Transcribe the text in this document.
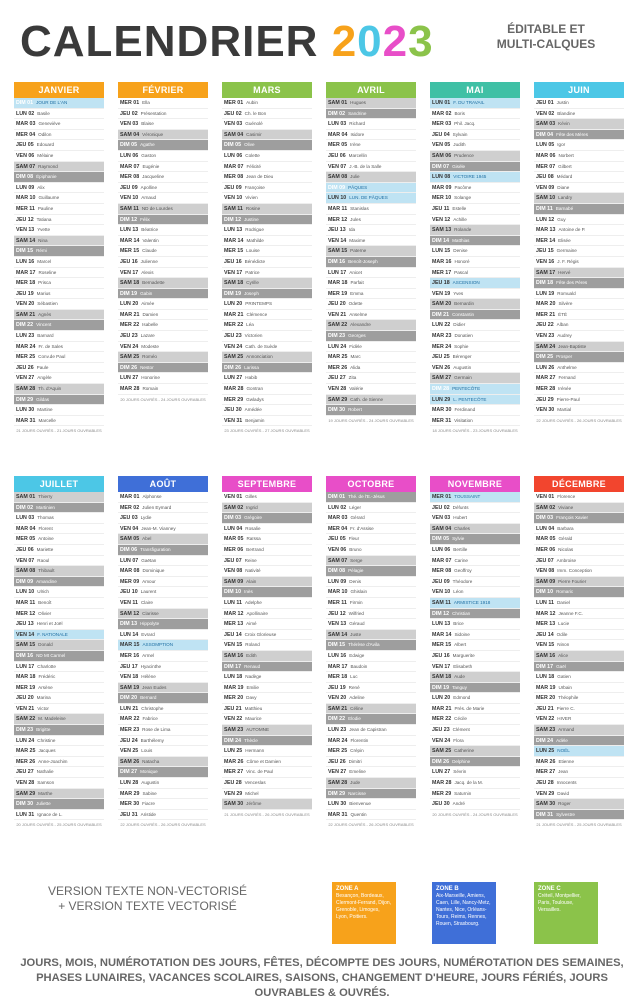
CALENDRIER 2023	ÉDITABLE ET
MULTI-CALQUES
JANVIER
DIM 01 JOUR DE L'AN
LUN 02 Basile
MAR 03 Geneviève
MER 04 Odilon
JEU 05 Edouard
VEN 06 Mélaine
SAM 07 Raymond
DIM 08 Épiphanie
LUN 09 Alix
MAR 10 Guillaume
MER 11 Pauline
JEU 12 Tatiana
VEN 13 Yvette
SAM 14 Nina
DIM 15 Rémi
LUN 16 Marcel
MAR 17 Roseline
MER 18 Prisca
JEU 19 Marius
VEN 20 Sébastien
SAM 21 Agnès
DIM 22 Vincent
LUN 23 Barnard
MAR 24 Fr. de Sales
MER 25 Conv.de Paul
JEU 26 Paule
VEN 27 Angèle
SAM 28 Th. d'Aquin
DIM 29 Gildas
LUN 30 Martine
MAR 31 Marcelle
21 JOURS OUVRÉS - 21 JOURS OUVRABLES
FÉVRIER
MER 01 Ella
JEU 02 Présentation
VEN 03 Blaise
SAM 04 Véronique
DIM 05 Agathe
LUN 06 Gaston
MAR 07 Eugénie
MER 08 Jacqueline
JEU 09 Apolline
VEN 10 Arnaud
SAM 11 ND de Lourdes
DIM 12 Félix
LUN 13 Béatrice
MAR 14 Valentin
MER 15 Claude
JEU 16 Julienne
VEN 17 Alexis
SAM 18 Bernadette
DIM 19 Gabin
LUN 20 Aimée
MAR 21 Damien
MER 22 Isabelle
JEU 23 Lazare
VEN 24 Modeste
SAM 25 Roméo
DIM 26 Nestor
LUN 27 Honorine
MAR 28 Romain
20 JOURS OUVRÉS - 24 JOURS OUVRABLES
MARS
MER 01 Aubin
JEU 02 Ch. le Bon
VEN 03 Guénolé
SAM 04 Casimir
DIM 05 Olive
LUN 06 Colette
MAR 07 Félicité
MER 08 Jean de Dieu
JEU 09 Françoise
VEN 10 Vivien
SAM 11 Rosine
DIM 12 Justine
LUN 13 Rodrigue
MAR 14 Mathilde
MER 15 Louise
JEU 16 Bénédicte
VEN 17 Patrice
SAM 18 Cyrille
DIM 19 Joseph
LUN 20 PRINTEMPS
MAR 21 Clémence
MER 22 Léa
JEU 23 Victorien
VEN 24 Cath. de Suède
SAM 25 Annonciation
DIM 26 Larissa
LUN 27 Habib
MAR 28 Gontran
MER 29 Gwladys
JEU 30 Amédée
VEN 31 Benjamin
23 JOURS OUVRÉS - 27 JOURS OUVRABLES
AVRIL
SAM 01 Hugues
DIM 02 Sandrine
LUN 03 Richard
MAR 04 Isidore
MER 05 Irène
JEU 06 Marcellin
VEN 07 J.-B. de la Salle
SAM 08 Julie
DIM 09 PÂQUES
LUN 10 LUN. DE PÂQUES
MAR 11 Stanislas
MER 12 Jules
JEU 13 Ida
VEN 14 Maxime
SAM 15 Paterne
DIM 16 Benoît-Joseph
LUN 17 Anicet
MAR 18 Parfait
MER 19 Emma
JEU 20 Odette
VEN 21 Anselme
SAM 22 Alexandre
DIM 23 Georges
LUN 24 Fidèle
MAR 25 Marc
MER 26 Alida
JEU 27 Zita
VEN 28 Valérie
SAM 29 Cath. de Sienne
DIM 30 Robert
19 JOURS OUVRÉS - 24 JOURS OUVRABLES
MAI
LUN 01 F. DU TRAVAIL
MAR 02 Boris
MER 03 Phil. Jacq.
JEU 04 Sylvain
VEN 05 Judith
SAM 06 Prudence
DIM 07 Gisèle
LUN 08 VICTOIRE 1945
MAR 09 Pacôme
MER 10 Solange
JEU 11 Estelle
VEN 12 Achille
SAM 13 Rolande
DIM 14 Matthias
LUN 15 Denise
MAR 16 Honoré
MER 17 Pascal
JEU 18 ASCENSION
VEN 19 Yves
SAM 20 Bernardin
DIM 21 Constantin
LUN 22 Didier
MAR 23 Donatien
MER 24 Sophie
JEU 25 Bérenger
VEN 26 Augustin
SAM 27 Germain
DIM 28 PENTECÔTE
LUN 29 L. PENTECÔTE
MAR 30 Ferdinand
MER 31 Visitation
18 JOURS OUVRÉS - 23 JOURS OUVRABLES
JUIN
JEU 01 Justin
VEN 02 Blandine
SAM 03 Kévin
DIM 04 Fête des Mères
LUN 05 Igor
MAR 06 Norbert
MER 07 Gilbert
JEU 08 Médard
VEN 09 Diane
SAM 10 Landry
DIM 11 Barnabé
LUN 12 Guy
MAR 13 Antoine de P.
MER 14 Elisée
JEU 15 Germaine
VEN 16 J. F. Régis
SAM 17 Hervé
DIM 18 Fête des Pères
LUN 19 Romuald
MAR 20 Silvère
MER 21 ÉTÉ
JEU 22 Alban
VEN 23 Audrey
SAM 24 Jean-Baptiste
DIM 25 Prosper
LUN 26 Anthelme
MAR 27 Fernand
MER 28 Irénée
JEU 29 Pierre-Paul
VEN 30 Martial
22 JOURS OUVRÉS - 26 JOURS OUVRABLES
JUILLET
SAM 01 Thierry
DIM 02 Martinien
LUN 03 Thomas
MAR 04 Florent
MER 05 Antoine
JEU 06 Mariette
VEN 07 Raoul
SAM 08 Thibault
DIM 09 Amandine
LUN 10 Ulrich
MAR 11 Benoît
MER 12 Olivier
JEU 13 Henri et Joël
VEN 14 F. NATIONALE
SAM 15 Donald
DIM 16 ND Mt Carmel
LUN 17 Charlotte
MAR 18 Frédéric
MER 19 Arsène
JEU 20 Marina
VEN 21 Victor
SAM 22 M. Madeleine
DIM 23 Brigitte
LUN 24 Christine
MAR 25 Jacques
MER 26 Anne-Joachim
JEU 27 Nathalie
VEN 28 Samson
SAM 29 Marthe
DIM 30 Juliette
LUN 31 Ignace de L.
20 JOURS OUVRÉS - 25 JOURS OUVRABLES
AOÛT
MAR 01 Alphonse
MER 02 Julien Eymard
JEU 03 Lydie
VEN 04 Jean-M. Vianney
SAM 05 Abel
DIM 06 Transfiguration
LUN 07 Gaëtan
MAR 08 Dominique
MER 09 Amour
JEU 10 Laurent
VEN 11 Claire
SAM 12 Clarisse
DIM 13 Hippolyte
LUN 14 Evrard
MAR 15 ASSOMPTION
MER 16 Armel
JEU 17 Hyacinthe
VEN 18 Hélène
SAM 19 Jean Eudes
DIM 20 Bernard
LUN 21 Christophe
MAR 22 Fabrice
MER 23 Rose de Lima
JEU 24 Barthélemy
VEN 25 Louis
SAM 26 Natacha
DIM 27 Monique
LUN 28 Augustin
MAR 29 Sabine
MER 30 Fiacre
JEU 31 Aristide
22 JOURS OUVRÉS - 26 JOURS OUVRABLES
SEPTEMBRE
VEN 01 Gilles
SAM 02 Ingrid
DIM 03 Grégoire
LUN 04 Rosalie
MAR 05 Raïssa
MER 06 Bertrand
JEU 07 Reine
VEN 08 Nativité
SAM 09 Alain
DIM 10 Inès
LUN 11 Adelphe
MAR 12 Apollinaire
MER 13 Aimé
JEU 14 Croix Glorieuse
VEN 15 Roland
SAM 16 Edith
DIM 17 Renaud
LUN 18 Nadège
MAR 19 Emilie
MER 20 Davy
JEU 21 Matthieu
VEN 22 Maurice
SAM 23 AUTOMNE
DIM 24 Thècle
LUN 25 Hermann
MAR 26 Côme et Damien
MER 27 Vinc. de Paul
JEU 28 Venceslas
VEN 29 Michel
SAM 30 Jérôme
21 JOURS OUVRÉS - 26 JOURS OUVRABLES
OCTOBRE
DIM 01 Thé. de l'E.-Jésus
LUN 02 Léger
MAR 03 Gérard
MER 04 Fr. d'Assise
JEU 05 Fleur
VEN 06 Bruno
SAM 07 Serge
DIM 08 Pélagie
LUN 09 Denis
MAR 10 Ghislain
MER 11 Firmin
JEU 12 Wilfried
VEN 13 Géraud
SAM 14 Juste
DIM 15 Thérèse d'Avila
LUN 16 Edwige
MAR 17 Baudoin
MER 18 Luc
JEU 19 René
VEN 20 Adeline
SAM 21 Céline
DIM 22 Elodie
LUN 23 Jean de Capistran
MAR 24 Florentin
MER 25 Crépin
JEU 26 Dimitri
VEN 27 Emeline
SAM 28 Jude
DIM 29 Narcisse
LUN 30 Bienvenue
MAR 31 Quentin
22 JOURS OUVRÉS - 26 JOURS OUVRABLES
NOVEMBRE
MER 01 TOUSSAINT
JEU 02 Défunts
VEN 03 Hubert
SAM 04 Charles
DIM 05 Sylvie
LUN 06 Bertille
MAR 07 Carine
MER 08 Geoffroy
JEU 09 Théodore
VEN 10 Léon
SAM 11 ARMISTICE 1918
DIM 12 Christian
LUN 13 Brice
MAR 14 Sidoine
MER 15 Albert
JEU 16 Marguerite
VEN 17 Elisabeth
SAM 18 Aude
DIM 19 Tanguy
LUN 20 Edmond
MAR 21 Prés. de Marie
MER 22 Cécile
JEU 23 Clément
VEN 24 Flora
SAM 25 Catherine
DIM 26 Delphine
LUN 27 Sévrin
MAR 28 Jacq. de la M.
MER 29 Saturnin
JEU 30 André
20 JOURS OUVRÉS - 24 JOURS OUVRABLES
DÉCEMBRE
VEN 01 Florence
SAM 02 Viviane
DIM 03 François Xavier
LUN 04 Barbara
MAR 05 Gérald
MER 06 Nicolas
JEU 07 Ambroise
VEN 08 Imm. Conception
SAM 09 Pierre Fourier
DIM 10 Romaric
LUN 11 Daniel
MAR 12 Jeanne F.C.
MER 13 Lucie
JEU 14 Odile
VEN 15 Ninon
SAM 16 Alice
DIM 17 Gaël
LUN 18 Gatien
MAR 19 Urbain
MER 20 Théophile
JEU 21 Pierre C.
VEN 22 HIVER
SAM 23 Armand
DIM 24 Adèle
LUN 25 NOËL
MAR 26 Etienne
MER 27 Jean
JEU 28 Innocents
VEN 29 David
SAM 30 Roger
DIM 31 Sylvestre
21 JOURS OUVRÉS - 25 JOURS OUVRABLES
VERSION TEXTE NON-VECTORISÉ
+ VERSION TEXTE VECTORISÉ
ZONE A
Besançon, Bordeaux, Clermont-Ferrand, Dijon, Grenoble, Limoges, Lyon, Poitiers.
ZONE B
Aix-Marseille, Amiens, Caen, Lille, Nancy-Metz, Nantes, Nice, Orléans-Tours, Reims, Rennes, Rouen, Strasbourg.
ZONE C
Créteil, Montpellier, Paris, Toulouse, Versailles.
JOURS, MOIS, NUMÉROTATION DES JOURS, FÊTES, DÉCOMPTE DES JOURS, NUMÉROTATION DES SEMAINES, PHASES LUNAIRES, VACANCES SCOLAIRES, SAISONS, CHANGEMENT D'HEURE, JOURS FÉRIÉS, JOURS OUVRABLES & OUVRÉS.
